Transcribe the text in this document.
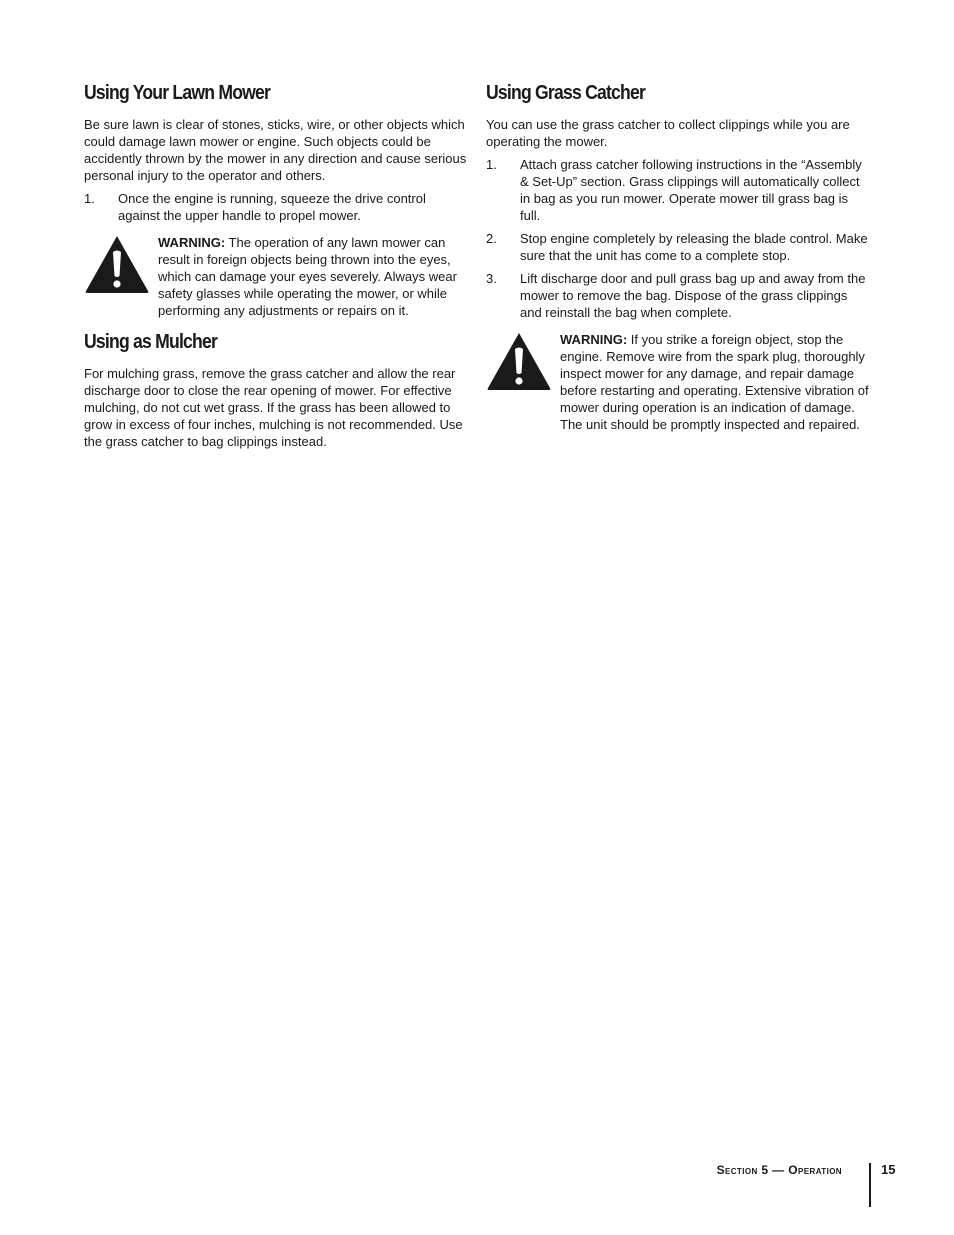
Using Your Lawn Mower

Be sure lawn is clear of stones, sticks, wire, or other objects which could damage lawn mower or engine. Such objects could be accidently thrown by the mower in any direction and cause serious personal injury to the operator and others.

1.	Once the engine is running, squeeze the drive control against the upper handle to propel mower.
WARNING: The operation of any lawn mower can result in foreign objects being thrown into the eyes, which can damage your eyes severely. Always wear safety glasses while operating the mower, or while performing any adjustments or repairs on it.
Using as Mulcher

For mulching grass, remove the grass catcher and allow the rear discharge door to close the rear opening of mower. For effective mulching, do not cut wet grass. If the grass has been allowed to grow in excess of four inches, mulching is not recommended. Use the grass catcher to bag clippings instead.

Using Grass Catcher

You can use the grass catcher to collect clippings while you are operating the mower.

1.	Attach grass catcher following instructions in the “Assembly & Set-Up” section. Grass clippings will automatically collect in bag as you run mower. Operate mower till grass bag is full.
2.	Stop engine completely by releasing the blade control. Make sure that the unit has come to a complete stop.
3.	Lift discharge door and pull grass bag up and away from the mower to remove the bag. Dispose of the grass clippings and reinstall the bag when complete.
WARNING: If you strike a foreign object, stop the engine. Remove wire from the spark plug, thoroughly inspect mower for any damage, and repair damage before restarting and operating. Extensive vibration of mower during operation is an indication of damage. The unit should be promptly inspected and repaired.
Section 5 — Operation	15
